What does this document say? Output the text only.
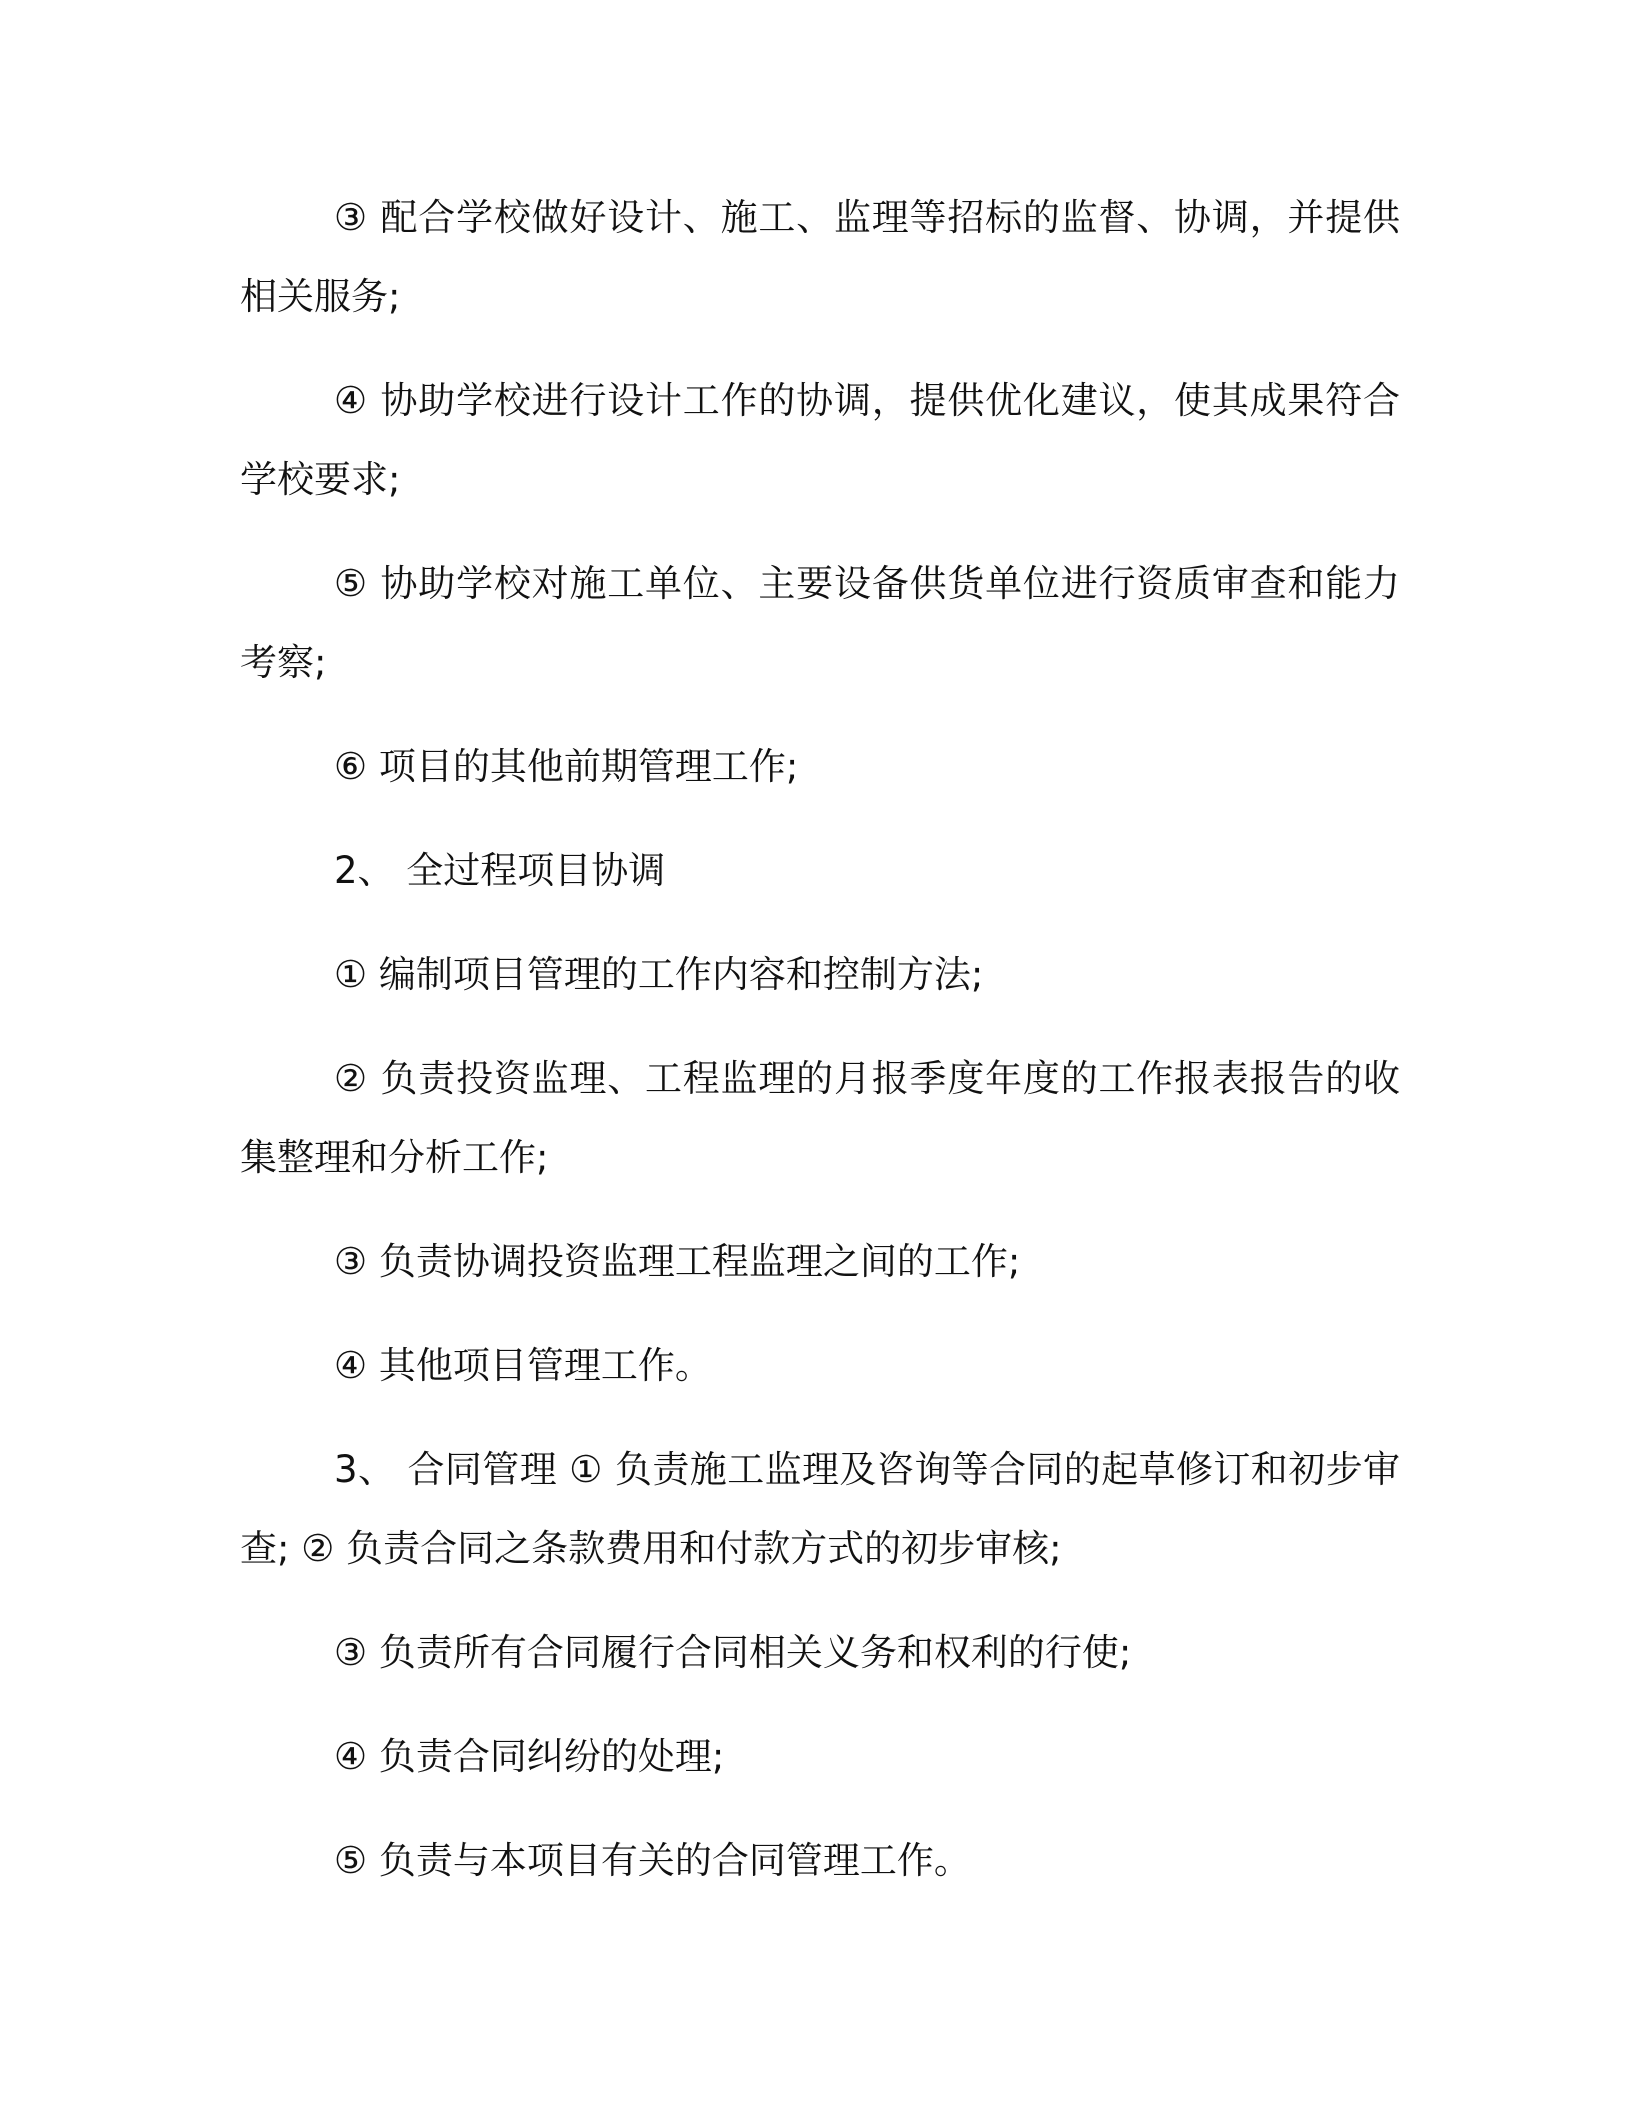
③ 配合学校做好设计、施工、监理等招标的监督、协调，并提供相关服务;

④ 协助学校进行设计工作的协调，提供优化建议，使其成果符合学校要求;

⑤ 协助学校对施工单位、主要设备供货单位进行资质审查和能力考察;

⑥ 项目的其他前期管理工作;

2、 全过程项目协调

① 编制项目管理的工作内容和控制方法;

② 负责投资监理、工程监理的月报季度年度的工作报表报告的收集整理和分析工作;

③ 负责协调投资监理工程监理之间的工作;

④ 其他项目管理工作。

3、 合同管理 ① 负责施工监理及咨询等合同的起草修订和初步审查; ② 负责合同之条款费用和付款方式的初步审核;

③ 负责所有合同履行合同相关义务和权利的行使;

④ 负责合同纠纷的处理;

⑤ 负责与本项目有关的合同管理工作。
